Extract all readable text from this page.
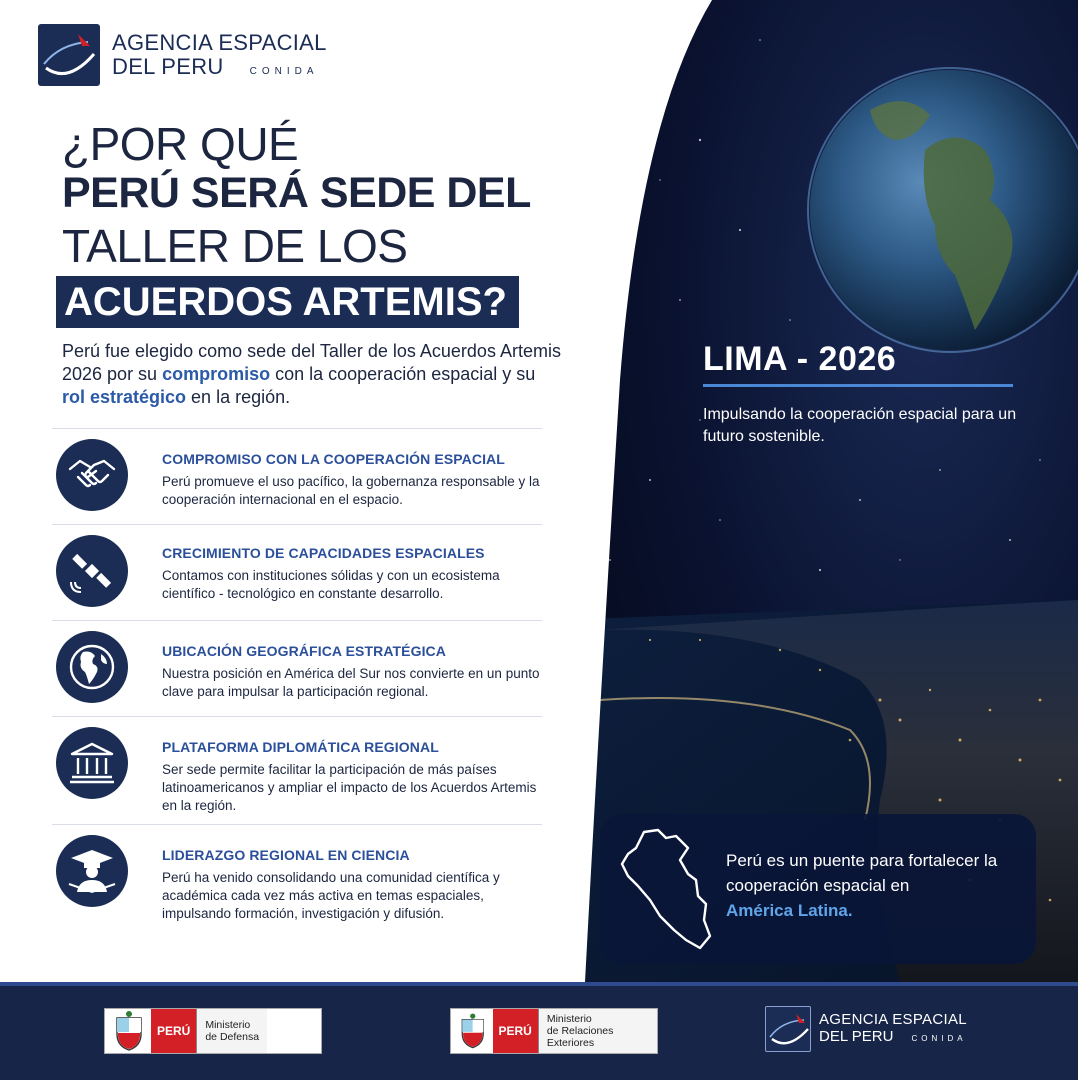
AGENCIA ESPACIAL
DEL PERU	CONIDA
¿POR QUÉ
PERÚ SERÁ SEDE DEL
TALLER DE LOS
ACUERDOS ARTEMIS?
Perú fue elegido como sede del Taller de los Acuerdos Artemis 2026 por su compromiso con la cooperación espacial y su rol estratégico en la región.
COMPROMISO CON LA COOPERACIÓN ESPACIAL
Perú promueve el uso pacífico, la gobernanza responsable y la cooperación internacional en el espacio.
CRECIMIENTO DE CAPACIDADES ESPACIALES
Contamos con instituciones sólidas y con un ecosistema científico - tecnológico en constante desarrollo.
UBICACIÓN GEOGRÁFICA ESTRATÉGICA
Nuestra posición en América del Sur nos convierte en un punto clave para impulsar la participación regional.
PLATAFORMA DIPLOMÁTICA REGIONAL
Ser sede permite facilitar la participación de más países latinoamericanos y ampliar el impacto de los Acuerdos Artemis en la región.
LIDERAZGO REGIONAL EN CIENCIA
Perú ha venido consolidando una comunidad científica y académica cada vez más activa en temas espaciales, impulsando formación, investigación y difusión.
LIMA - 2026
Impulsando la cooperación espacial para un futuro sostenible.
Perú es un puente para fortalecer la cooperación espacial en
América Latina.
PERÚ	Ministerio
de Defensa	PERÚ
Ministerio
de Relaciones Exteriores
AGENCIA ESPACIAL
DEL PERU CONIDA
